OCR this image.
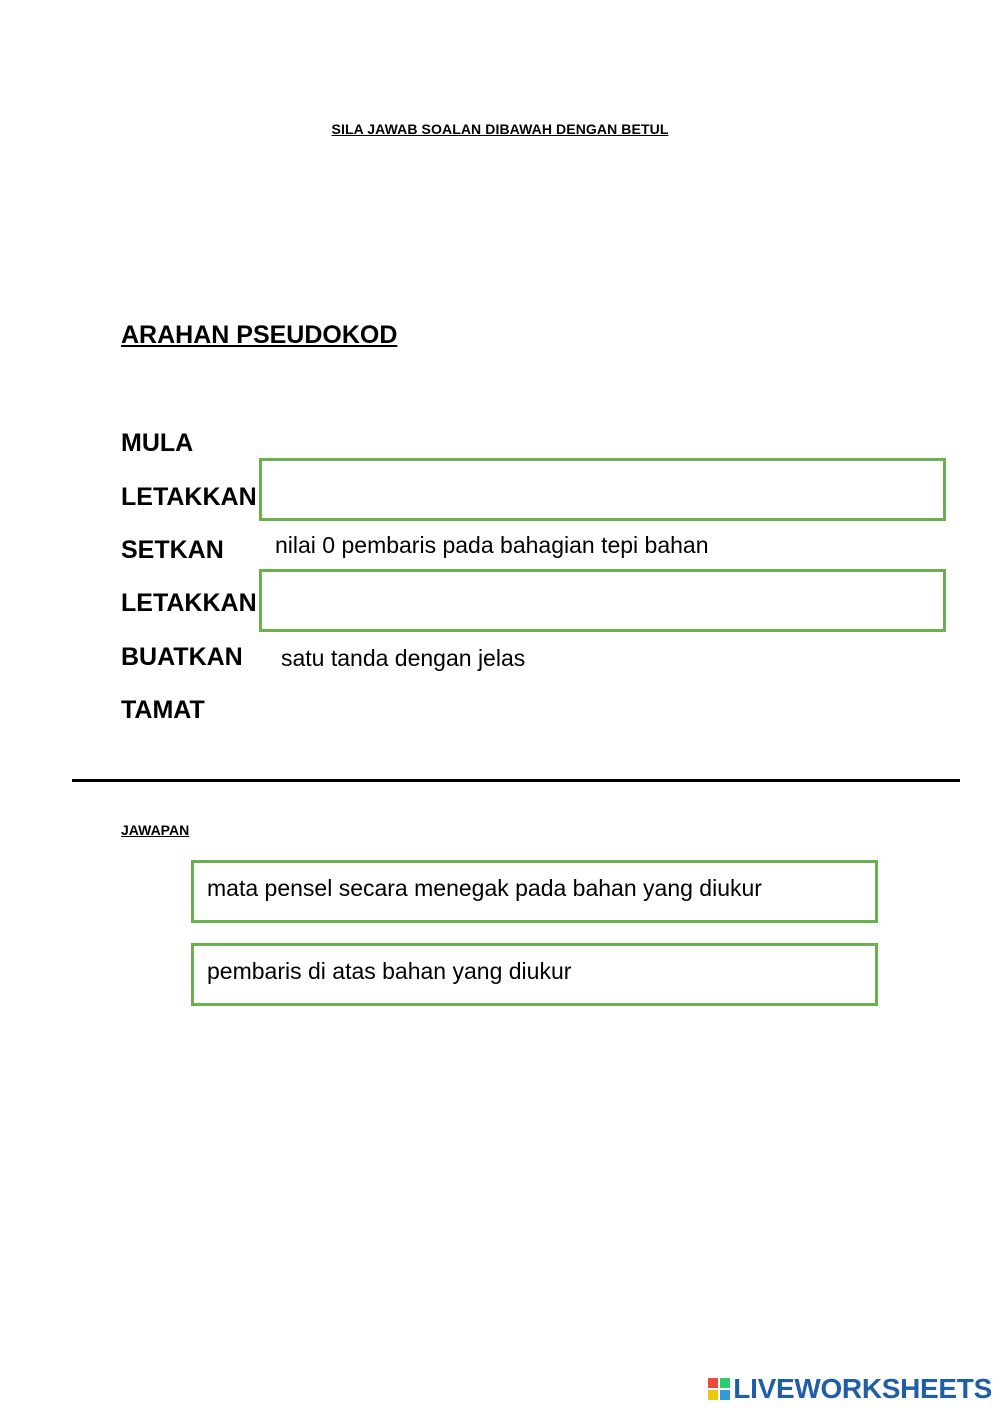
SILA JAWAB SOALAN DIBAWAH DENGAN BETUL
ARAHAN PSEUDOKOD
MULA
LETAKKAN
SETKAN
LETAKKAN
BUATKAN
TAMAT
nilai 0 pembaris pada bahagian tepi bahan
satu tanda dengan jelas
JAWAPAN
mata pensel secara menegak pada bahan yang diukur
pembaris di atas bahan yang diukur
LIVEWORKSHEETS
